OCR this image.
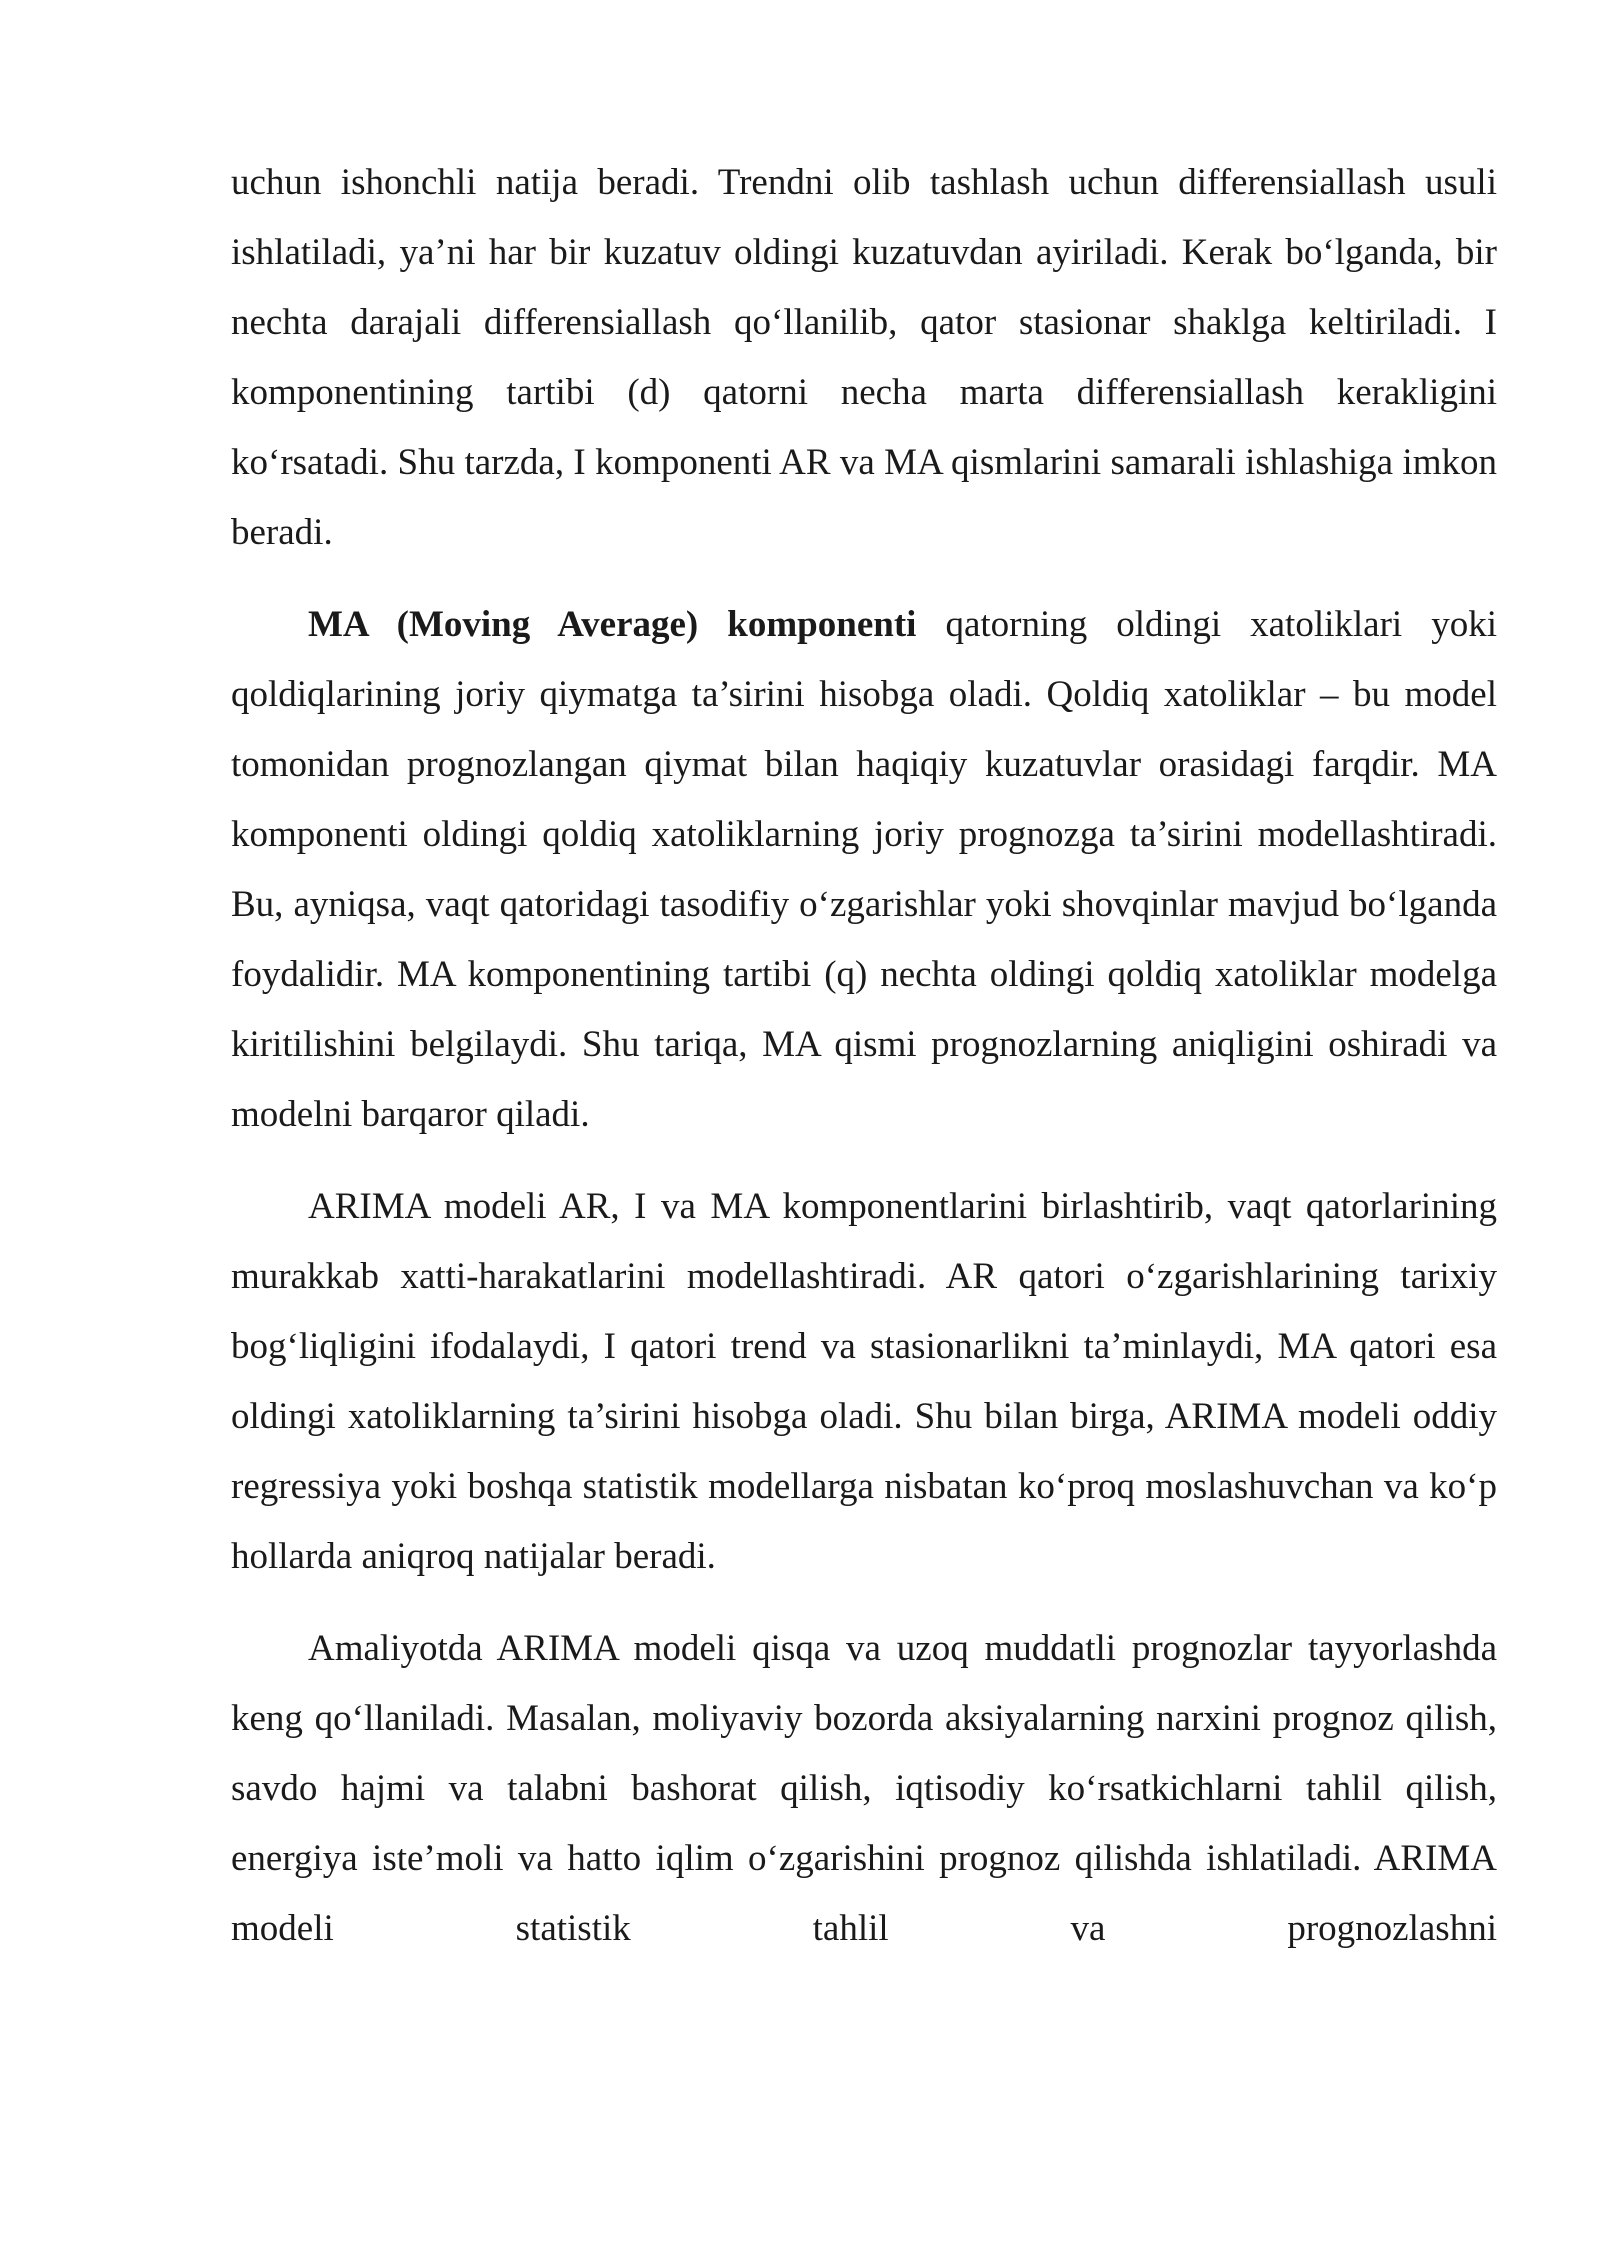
uchun ishonchli natija beradi. Trendni olib tashlash uchun differensiallash usuli ishlatiladi, ya’ni har bir kuzatuv oldingi kuzatuvdan ayiriladi. Kerak bo‘lganda, bir nechta darajali differensiallash qo‘llanilib, qator stasionar shaklga keltiriladi. I komponentining tartibi (d) qatorni necha marta differensiallash kerakligini ko‘rsatadi. Shu tarzda, I komponenti AR va MA qismlarini samarali ishlashiga imkon beradi.

MA (Moving Average) komponenti qatorning oldingi xatoliklari yoki qoldiqlarining joriy qiymatga ta’sirini hisobga oladi. Qoldiq xatoliklar – bu model tomonidan prognozlangan qiymat bilan haqiqiy kuzatuvlar orasidagi farqdir. MA komponenti oldingi qoldiq xatoliklarning joriy prognozga ta’sirini modellashtiradi. Bu, ayniqsa, vaqt qatoridagi tasodifiy o‘zgarishlar yoki shovqinlar mavjud bo‘lganda foydalidir. MA komponentining tartibi (q) nechta oldingi qoldiq xatoliklar modelga kiritilishini belgilaydi. Shu tariqa, MA qismi prognozlarning aniqligini oshiradi va modelni barqaror qiladi.

ARIMA modeli AR, I va MA komponentlarini birlashtirib, vaqt qatorlarining murakkab xatti-harakatlarini modellashtiradi. AR qatori o‘zgarishlarining tarixiy bog‘liqligini ifodalaydi, I qatori trend va stasionarlikni ta’minlaydi, MA qatori esa oldingi xatoliklarning ta’sirini hisobga oladi. Shu bilan birga, ARIMA modeli oddiy regressiya yoki boshqa statistik modellarga nisbatan ko‘proq moslashuvchan va ko‘p hollarda aniqroq natijalar beradi.

Amaliyotda ARIMA modeli qisqa va uzoq muddatli prognozlar tayyorlashda keng qo‘llaniladi. Masalan, moliyaviy bozorda aksiyalarning narxini prognoz qilish, savdo hajmi va talabni bashorat qilish, iqtisodiy ko‘rsatkichlarni tahlil qilish, energiya iste’moli va hatto iqlim o‘zgarishini prognoz qilishda ishlatiladi. ARIMA modeli statistik tahlil va prognozlashni
